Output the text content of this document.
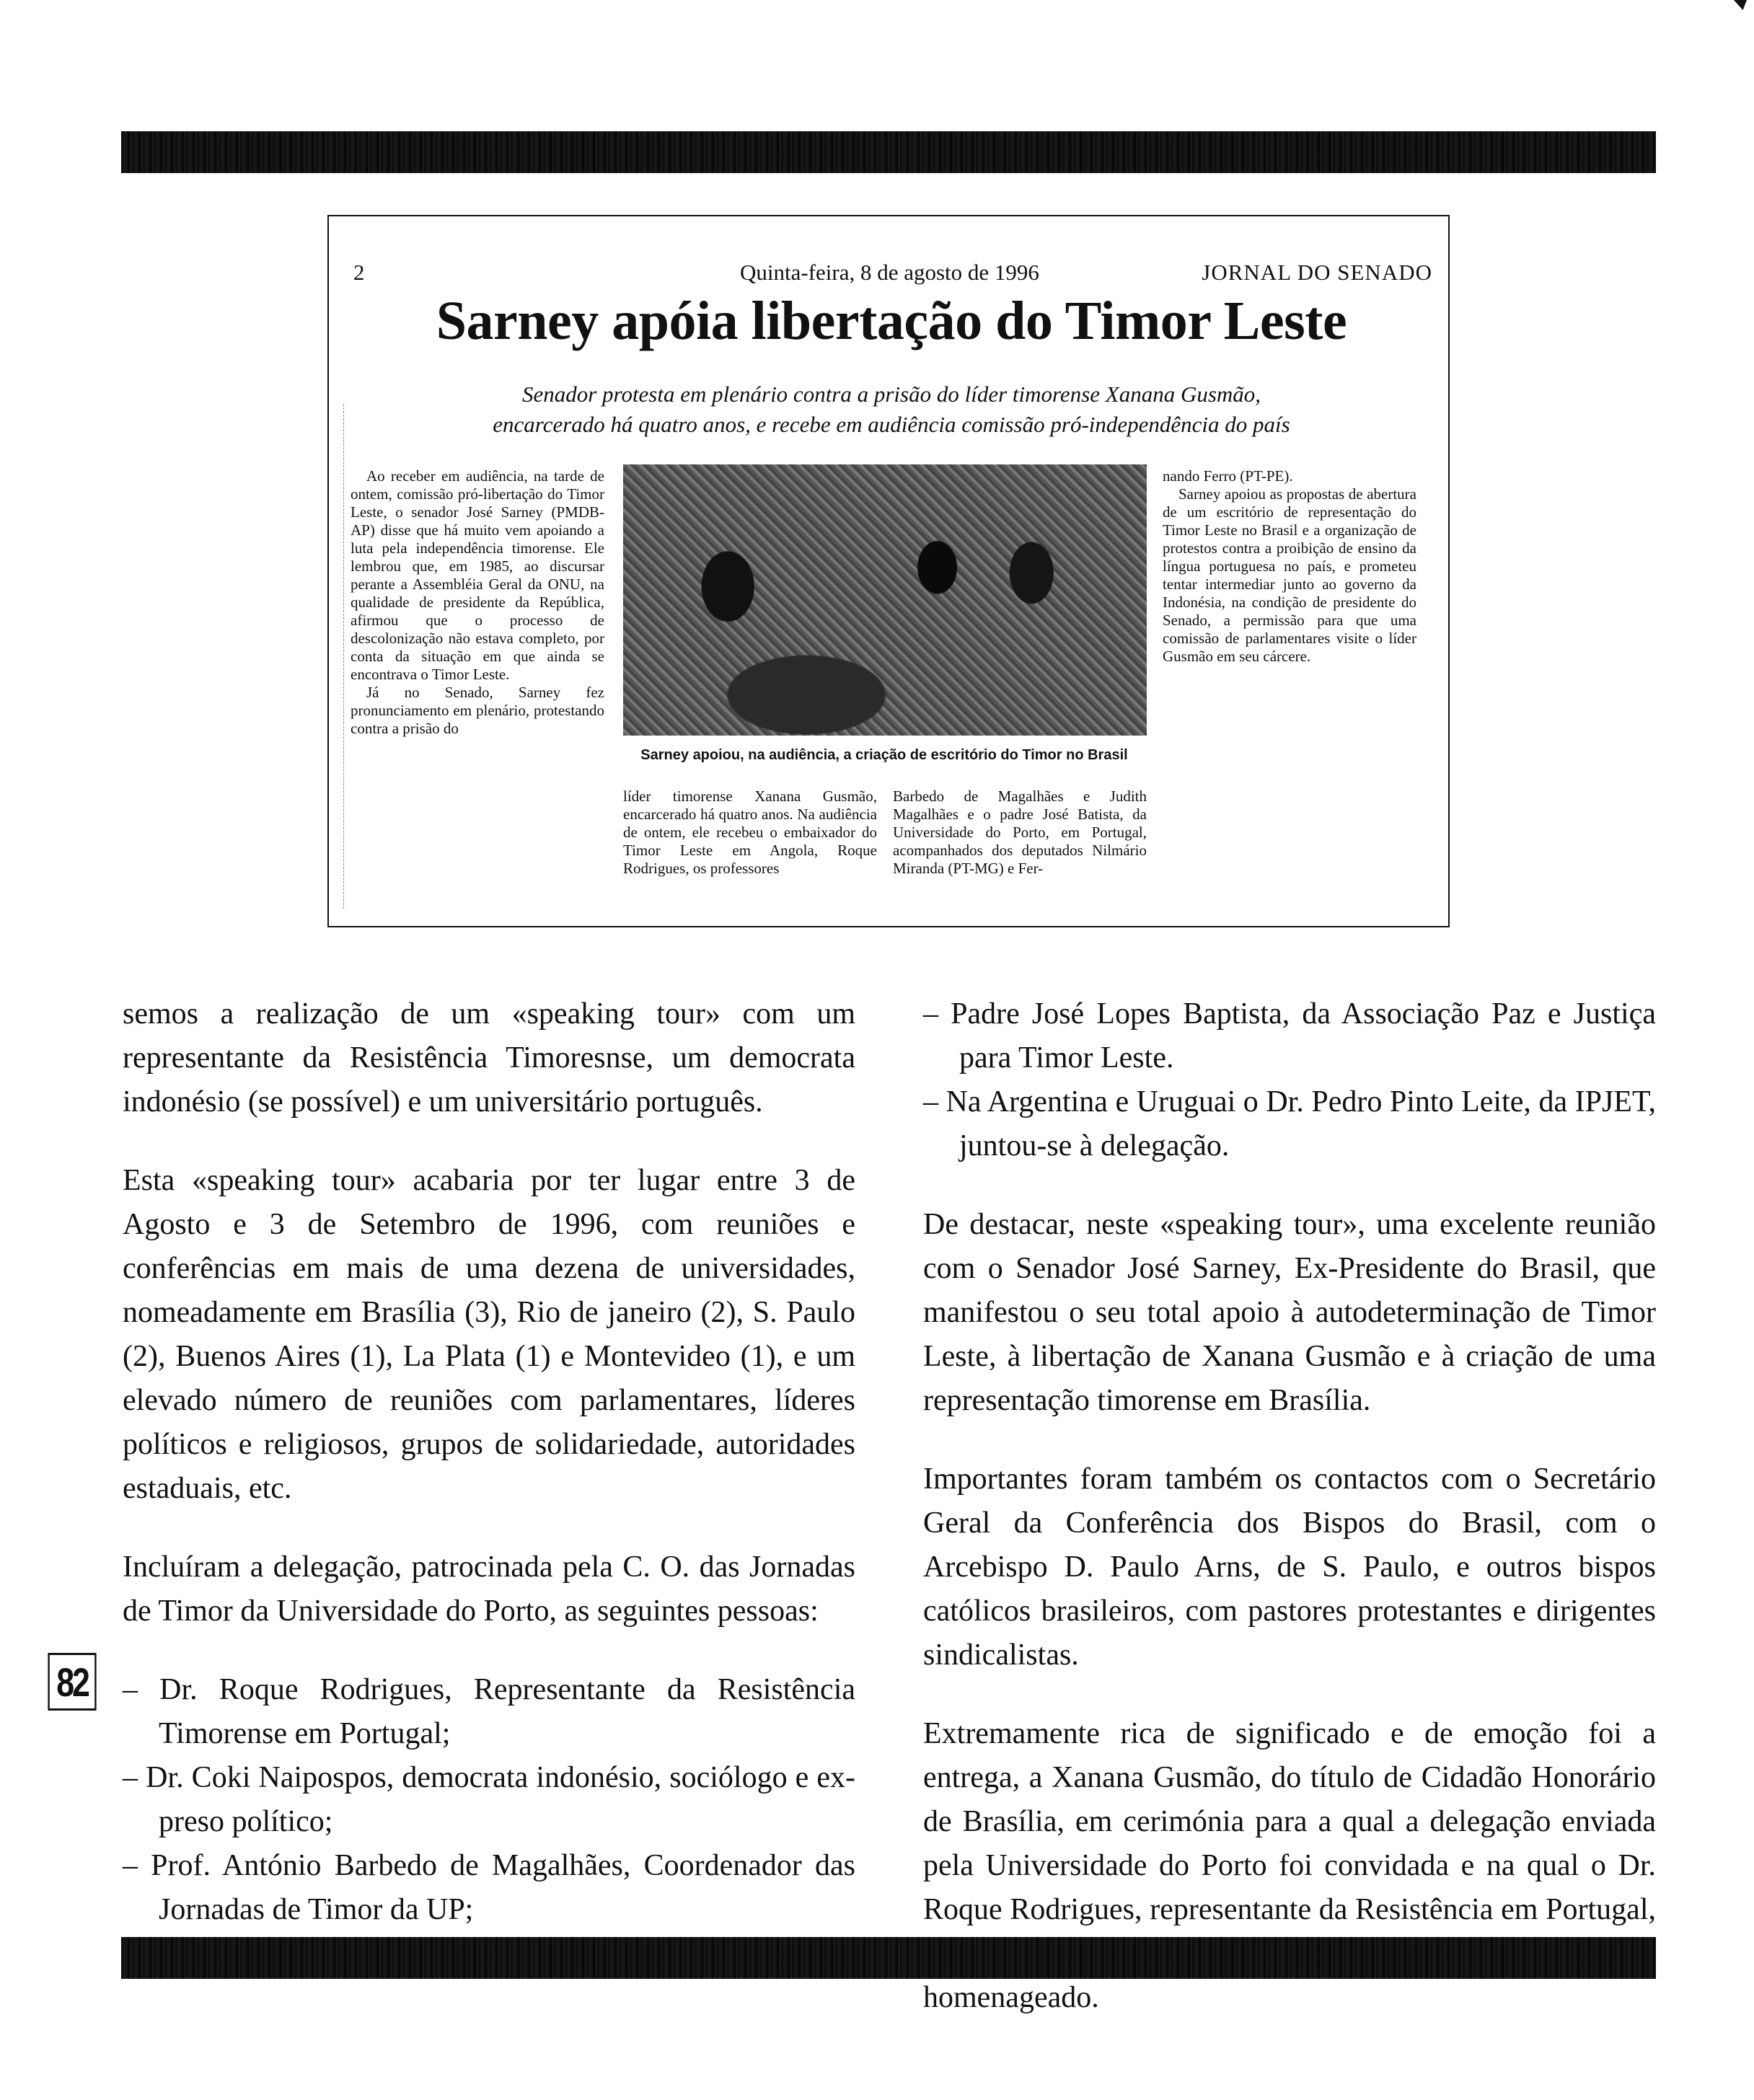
2	Quinta-feira, 8 de agosto de 1996	JORNAL DO SENADO
Sarney apóia libertação do Timor Leste
Senador protesta em plenário contra a prisão do líder timorense Xanana Gusmão,
encarcerado há quatro anos, e recebe em audiência comissão pró-independência do país

Ao receber em audiência, na tarde de ontem, comissão pró-libertação do Timor Leste, o senador José Sarney (PMDB-AP) disse que há muito vem apoiando a luta pela independência timorense. Ele lembrou que, em 1985, ao discursar perante a Assembléia Geral da ONU, na qualidade de presidente da República, afirmou que o processo de descolonização não estava completo, por conta da situação em que ainda se encontrava o Timor Leste.

Já no Senado, Sarney fez pronunciamento em plenário, protestando contra a prisão do

Sarney apoiou, na audiência, a criação de escritório do Timor no Brasil

líder timorense Xanana Gusmão, encarcerado há quatro anos. Na audiência de ontem, ele recebeu o embaixador do Timor Leste em Angola, Roque Rodrigues, os professores

Barbedo de Magalhães e Judith Magalhães e o padre José Batista, da Universidade do Porto, em Portugal, acompanhados dos deputados Nilmário Miranda (PT-MG) e Fer-

nando Ferro (PT-PE).

Sarney apoiou as propostas de abertura de um escritório de representação do Timor Leste no Brasil e a organização de protestos contra a proibição de ensino da língua portuguesa no país, e prometeu tentar intermediar junto ao governo da Indonésia, na condição de presidente do Senado, a permissão para que uma comissão de parlamentares visite o líder Gusmão em seu cárcere.

semos a realização de um «speaking tour» com um representante da Resistência Timoresnse, um democrata indonésio (se possível) e um universitário português.

Esta «speaking tour» acabaria por ter lugar entre 3 de Agosto e 3 de Setembro de 1996, com reuniões e conferências em mais de uma dezena de universidades, nomeadamente em Brasília (3), Rio de janeiro (2), S. Paulo (2), Buenos Aires (1), La Plata (1) e Montevideo (1), e um elevado número de reuniões com parlamentares, líderes políticos e religiosos, grupos de solidariedade, autoridades estaduais, etc.

Incluíram a delegação, patrocinada pela C. O. das Jornadas de Timor da Universidade do Porto, as seguintes pessoas:

– Dr. Roque Rodrigues, Representante da Resistência Timorense em Portugal;
– Dr. Coki Naipospos, democrata indonésio, sociólogo e ex-preso político;
– Prof. António Barbedo de Magalhães, Coordenador das Jornadas de Timor da UP;
– Padre José Lopes Baptista, da Associação Paz e Justiça para Timor Leste.
– Na Argentina e Uruguai o Dr. Pedro Pinto Leite, da IPJET, juntou-se à delegação.

De destacar, neste «speaking tour», uma excelente reunião com o Senador José Sarney, Ex-Presidente do Brasil, que manifestou o seu total apoio à autodeterminação de Timor Leste, à libertação de Xanana Gusmão e à criação de uma representação timorense em Brasília.

Importantes foram também os contactos com o Secretário Geral da Conferência dos Bispos do Brasil, com o Arcebispo D. Paulo Arns, de S. Paulo, e outros bispos católicos brasileiros, com pastores protestantes e dirigentes sindicalistas.

Extremamente rica de significado e de emoção foi a entrega, a Xanana Gusmão, do título de Cidadão Honorário de Brasília, em cerimónia para a qual a delegação enviada pela Universidade do Porto foi convidada e na qual o Dr. Roque Rodrigues, representante da Resistência em Portugal, homenageado.

82
